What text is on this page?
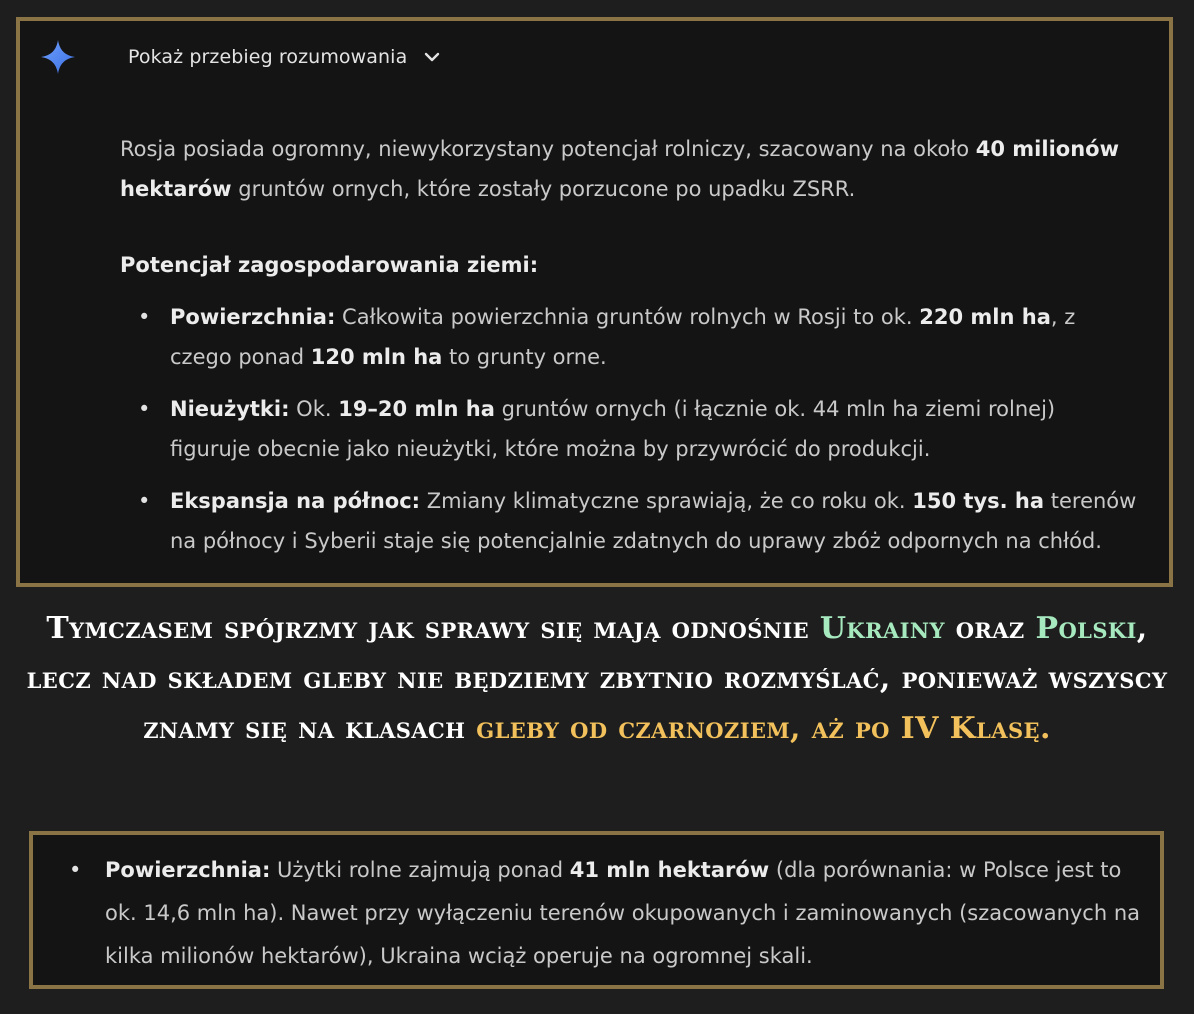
Pokaż przebieg rozumowania
Rosja posiada ogromny, niewykorzystany potencjał rolniczy, szacowany na około 40 milionów hektarów gruntów ornych, które zostały porzucone po upadku ZSRR.
Potencjał zagospodarowania ziemi:
• Powierzchnia: Całkowita powierzchnia gruntów rolnych w Rosji to ok. 220 mln ha, z czego ponad 120 mln ha to grunty orne.
• Nieużytki: Ok. 19–20 mln ha gruntów ornych (i łącznie ok. 44 mln ha ziemi rolnej) figuruje obecnie jako nieużytki, które można by przywrócić do produkcji.
• Ekspansja na północ: Zmiany klimatyczne sprawiają, że co roku ok. 150 tys. ha terenów na północy i Syberii staje się potencjalnie zdatnych do uprawy zbóż odpornych na chłód.
Tymczasem spójrzmy jak sprawy się mają odnośnie Ukrainy oraz Polski, lecz nad składem gleby nie będziemy zbytnio rozmyślać, ponieważ wszyscy znamy się na klasach gleby od czarnoziem, aż po IV Klasę.
• Powierzchnia: Użytki rolne zajmują ponad 41 mln hektarów (dla porównania: w Polsce jest to ok. 14,6 mln ha). Nawet przy wyłączeniu terenów okupowanych i zaminowanych (szacowanych na kilka milionów hektarów), Ukraina wciąż operuje na ogromnej skali.
